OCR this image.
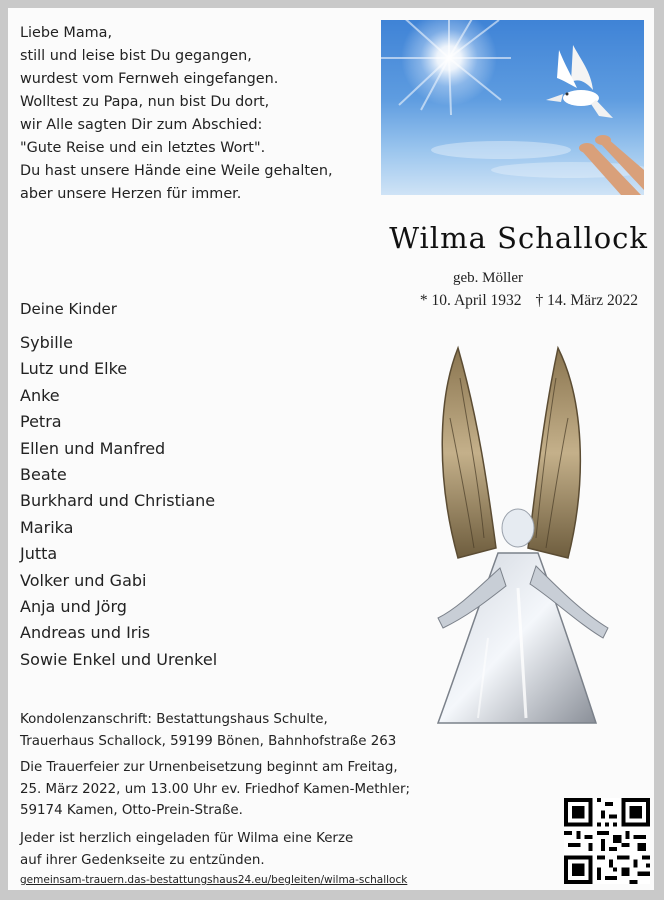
Liebe Mama,
still und leise bist Du gegangen,
wurdest vom Fernweh eingefangen.
Wolltest zu Papa, nun bist Du dort,
wir Alle sagten Dir zum Abschied:
"Gute Reise und ein letztes Wort".
Du hast unsere Hände eine Weile gehalten,
aber unsere Herzen für immer.
Wilma Schallock
geb. Möller
* 10. April 1932 † 14. März 2022
Deine Kinder
Sybille
Lutz und Elke
Anke
Petra
Ellen und Manfred
Beate
Burkhard und Christiane
Marika
Jutta
Volker und Gabi
Anja und Jörg
Andreas und Iris
Sowie Enkel und Urenkel
Kondolenzanschrift: Bestattungshaus Schulte,
Trauerhaus Schallock, 59199 Bönen, Bahnhofstraße 263
Die Trauerfeier zur Urnenbeisetzung beginnt am Freitag,
25. März 2022, um 13.00 Uhr ev. Friedhof Kamen-Methler;
59174 Kamen, Otto-Prein-Straße.
Jeder ist herzlich eingeladen für Wilma eine Kerze
auf ihrer Gedenkseite zu entzünden.
gemeinsam-trauern.das-bestattungshaus24.eu/begleiten/wilma-schallock
